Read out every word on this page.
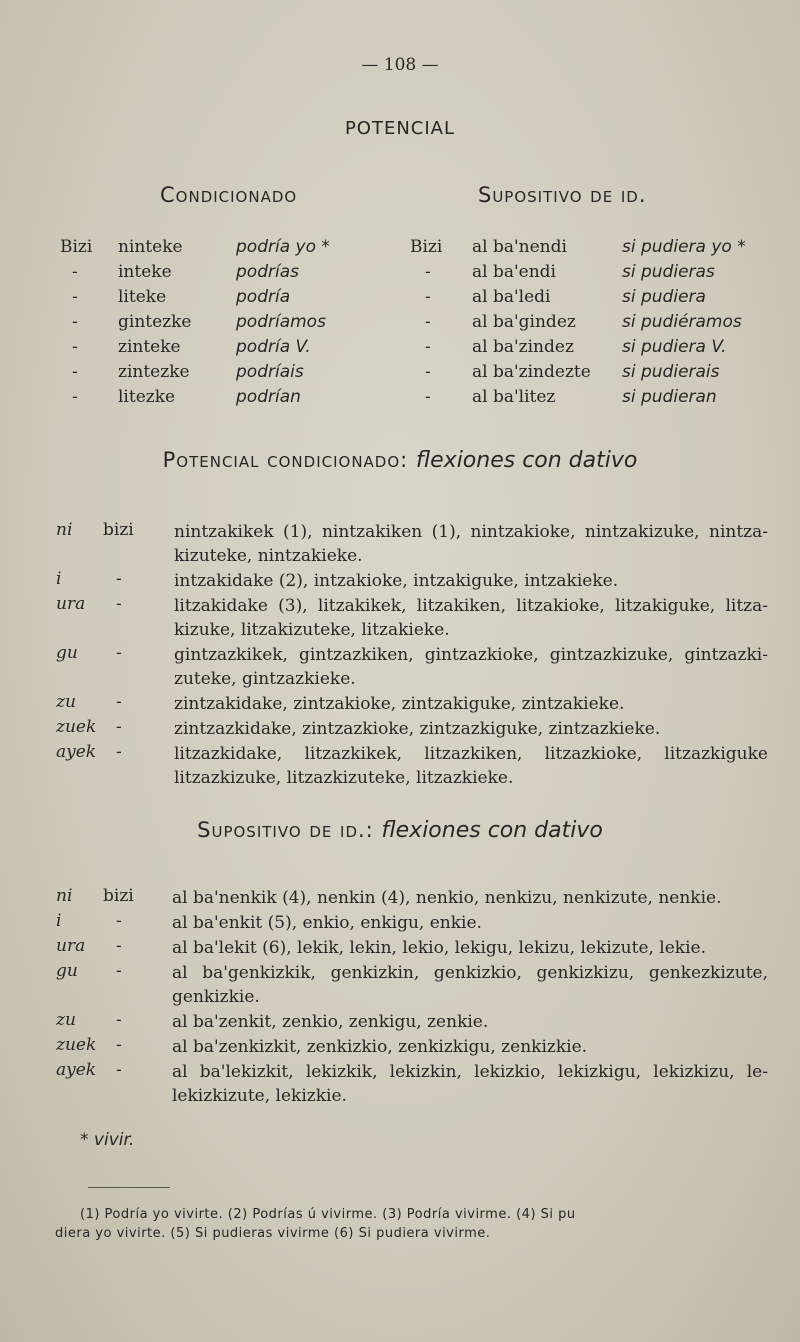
— 108 —
POTENCIAL
Condicionado	Supositivo de id.
Bizi ninteke	podría yo *
- inteke	podrías
- liteke	podría
- gintezke	podríamos
- zinteke	podría V.
- zintezke	podríais
- litezke	podrían
Bizi al ba'nendi	si pudiera yo *
- al ba'endi	si pudieras
- al ba'ledi	si pudiera
- al ba'gindez	si pudiéramos
- al ba'zindez	si pudiera V.
- al ba'zindezte si pudierais
- al ba'litez	si pudieran
Potencial condicionado: flexiones con dativo
ni bizi nintzakikek (1), nintzakiken (1), nintzakioke, nintzakizuke, nintza-kizuteke, nintzakieke.
i	-	intzakidake (2), intzakioke, intzakiguke, intzakieke.
ura -	litzakidake (3), litzakikek, litzakiken, litzakioke, litzakiguke, litza-kizuke, litzakizuteke, litzakieke.
gu -	gintzazkikek, gintzazkiken, gintzazkioke, gintzazkizuke, gintzazki-zuteke, gintzazkieke.
zu -	zintzakidake, zintzakioke, zintzakiguke, zintzakieke.
zuek -	zintzazkidake, zintzazkioke, zintzazkiguke, zintzazkieke.
ayek -	litzazkidake, litzazkikek, litzazkiken, litzazkioke, litzazkiguke litzazkizuke, litzazkizuteke, litzazkieke.
Supositivo de id.: flexiones con dativo
ni bizi al ba'nenkik (4), nenkin (4), nenkio, nenkizu, nenkizute, nenkie.
i	-	al ba'enkit (5), enkio, enkigu, enkie.
ura -	al ba'lekit (6), lekik, lekin, lekio, lekigu, lekizu, lekizute, lekie.
gu -	al ba'genkizkik, genkizkin, genkizkio, genkizkizu, genkezkizute, genkizkie.
zu -	al ba'zenkit, zenkio, zenkigu, zenkie.
zuek -	al ba'zenkizkit, zenkizkio, zenkizkigu, zenkizkie.
ayek -	al ba'lekizkit, lekizkik, lekizkin, lekizkio, lekizkigu, lekizkizu, le-lekizkizute, lekizkie.
* vivir.
(1) Podría yo vivirte. (2) Podrías ú vivirme. (3) Podría vivirme. (4) Si pu
diera yo vivirte. (5) Si pudieras vivirme (6) Si pudiera vivirme.
